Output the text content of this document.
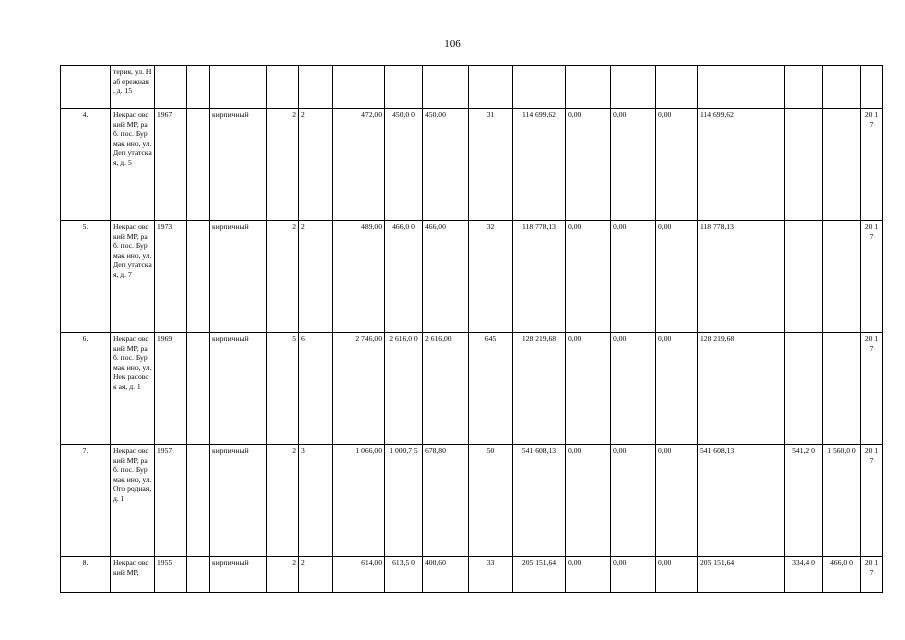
106
	терия, ул. Наб ережная , д. 15																	
4.	Некрас овский МР, раб. пос. Бурмак ино, ул. Деп утатска я, д. 5	1967		кирпичный	2	2	472,00	450,0 0	450,00	31	114 699,62	0,00	0,00	0,00	114 699,62			20 17
5.	Некрас овский МР, раб. пос. Бурмак ино, ул. Деп утатска я, д. 7	1973		кирпичный	2	2	489,00	466,0 0	466,00	32	118 778,13	0,00	0,00	0,00	118 778,13			20 17
6.	Некрас овский МР, раб. пос. Бурмак ино, ул. Нек расовск ая, д. 1	1969		кирпичный	5	6	2 746,00	2 616,0 0	2 616,00	645	128 219,68	0,00	0,00	0,00	128 219,68			20 17
7.	Некрас овский МР, раб. пос. Бурмак ино, ул. Ого родная, д. 1	1957		кирпичный	2	3	1 066,00	1 000,7 5	678,80	50	541 608,13	0,00	0,00	0,00	541 608,13	541,2 0	1 560,0 0	20 17
8.	Некрас овский МР,	1955		кирпичный	2	2	614,00	613,5 0	400,60	33	205 151,64	0,00	0,00	0,00	205 151,64	334,4 0	466,0 0	20 17
